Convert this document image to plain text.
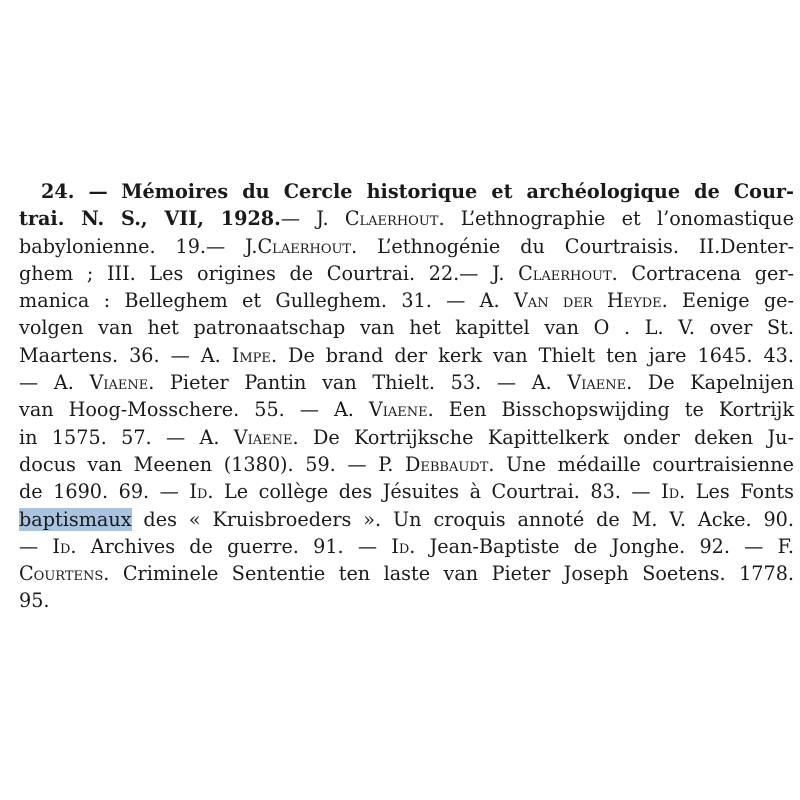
24. — Mémoires du Cercle historique et archéologique de Cour-
trai. N. S., VII, 1928.— J. Claerhout. L’ethnographie et l’onomastique
babylonienne. 19.— J.Claerhout. L’ethnogénie du Courtraisis. II.Denter-
ghem ; III. Les origines de Courtrai. 22.— J. Claerhout. Cortracena ger-
manica : Belleghem et Gulleghem. 31. — A. Van der Heyde. Eenige ge-
volgen van het patronaatschap van het kapittel van O . L. V. over St.
Maartens. 36. — A. Impe. De brand der kerk van Thielt ten jare 1645. 43.
— A. Viaene. Pieter Pantin van Thielt. 53. — A. Viaene. De Kapelnijen
van Hoog-Mosschere. 55. — A. Viaene. Een Bisschopswijding te Kortrijk
in 1575. 57. — A. Viaene. De Kortrijksche Kapittelkerk onder deken Ju-
docus van Meenen (1380). 59. — P. Debbaudt. Une médaille courtraisienne
de 1690. 69. — Id. Le collège des Jésuites à Courtrai. 83. — Id. Les Fonts
baptismaux des « Kruisbroeders ». Un croquis annoté de M. V. Acke. 90.
— Id. Archives de guerre. 91. — Id. Jean-Baptiste de Jonghe. 92. — F.
Courtens. Criminele Sententie ten laste van Pieter Joseph Soetens. 1778.
95.
